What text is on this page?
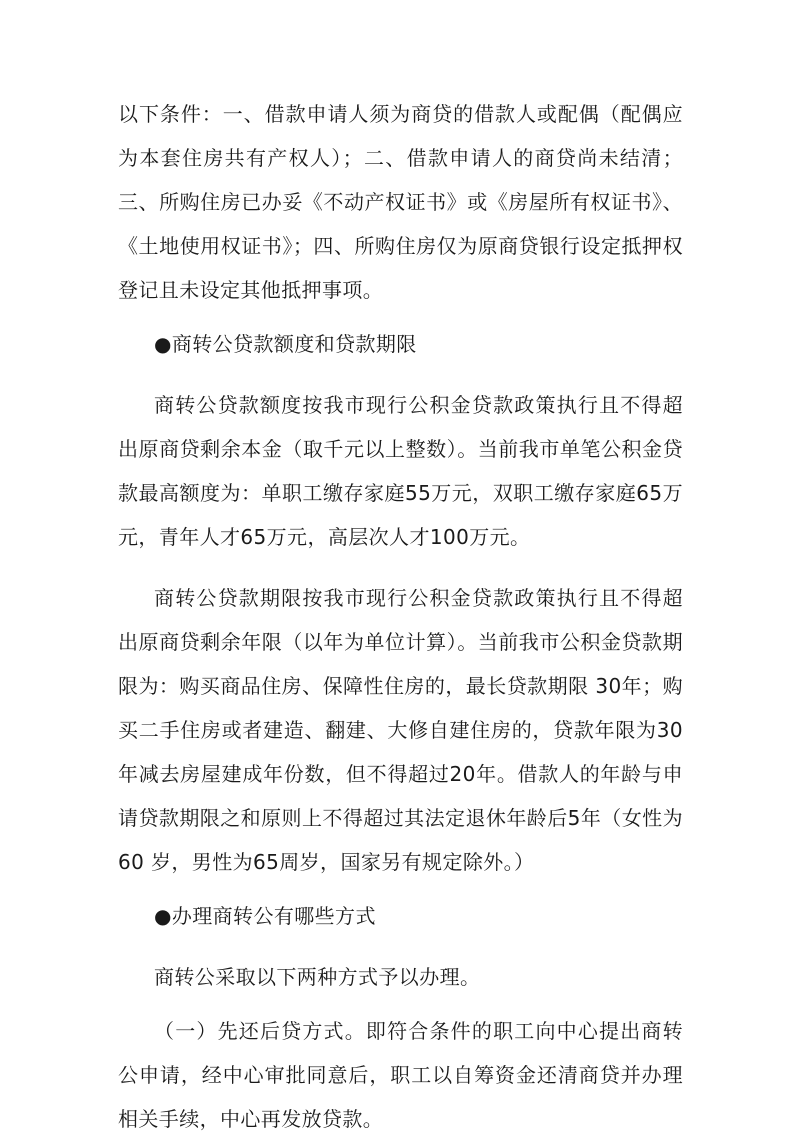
以下条件：一、借款申请人须为商贷的借款人或配偶（配偶应为本套住房共有产权人）；二、借款申请人的商贷尚未结清；三、所购住房已办妥《不动产权证书》或《房屋所有权证书》、《土地使用权证书》；四、所购住房仅为原商贷银行设定抵押权登记且未设定其他抵押事项。

●商转公贷款额度和贷款期限

商转公贷款额度按我市现行公积金贷款政策执行且不得超出原商贷剩余本金（取千元以上整数）。当前我市单笔公积金贷款最高额度为：单职工缴存家庭55万元，双职工缴存家庭65万元，青年人才65万元，高层次人才100万元。

商转公贷款期限按我市现行公积金贷款政策执行且不得超出原商贷剩余年限（以年为单位计算）。当前我市公积金贷款期限为：购买商品住房、保障性住房的，最长贷款期限 30年；购买二手住房或者建造、翻建、大修自建住房的，贷款年限为30年减去房屋建成年份数，但不得超过20年。借款人的年龄与申请贷款期限之和原则上不得超过其法定退休年龄后5年（女性为60 岁，男性为65周岁，国家另有规定除外。）

●办理商转公有哪些方式

商转公采取以下两种方式予以办理。

（一）先还后贷方式。即符合条件的职工向中心提出商转公申请，经中心审批同意后，职工以自筹资金还清商贷并办理相关手续，中心再发放贷款。
